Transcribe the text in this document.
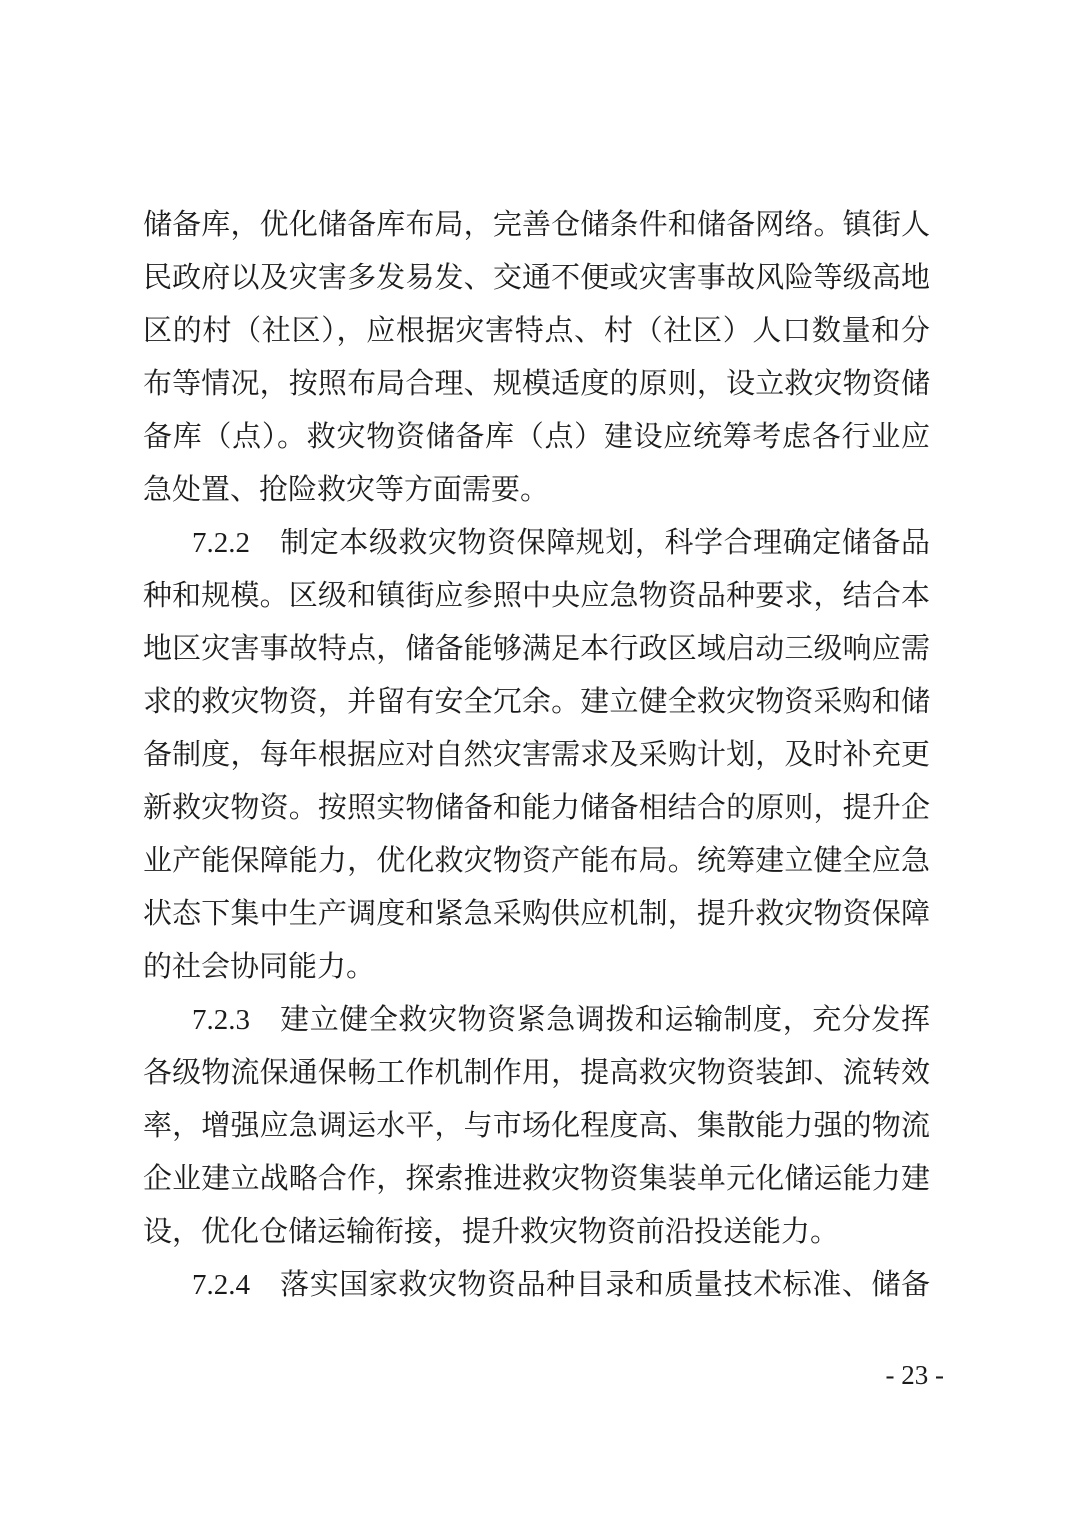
储备库，优化储备库布局，完善仓储条件和储备网络。镇街人
民政府以及灾害多发易发、交通不便或灾害事故风险等级高地
区的村（社区），应根据灾害特点、村（社区）人口数量和分
布等情况，按照布局合理、规模适度的原则，设立救灾物资储
备库（点）。救灾物资储备库（点）建设应统筹考虑各行业应
急处置、抢险救灾等方面需要。
7.2.2　制定本级救灾物资保障规划，科学合理确定储备品
种和规模。区级和镇街应参照中央应急物资品种要求，结合本
地区灾害事故特点，储备能够满足本行政区域启动三级响应需
求的救灾物资，并留有安全冗余。建立健全救灾物资采购和储
备制度，每年根据应对自然灾害需求及采购计划，及时补充更
新救灾物资。按照实物储备和能力储备相结合的原则，提升企
业产能保障能力，优化救灾物资产能布局。统筹建立健全应急
状态下集中生产调度和紧急采购供应机制，提升救灾物资保障
的社会协同能力。
7.2.3　建立健全救灾物资紧急调拨和运输制度，充分发挥
各级物流保通保畅工作机制作用，提高救灾物资装卸、流转效
率，增强应急调运水平，与市场化程度高、集散能力强的物流
企业建立战略合作，探索推进救灾物资集装单元化储运能力建
设，优化仓储运输衔接，提升救灾物资前沿投送能力。
7.2.4　落实国家救灾物资品种目录和质量技术标准、储备
- 23 -
